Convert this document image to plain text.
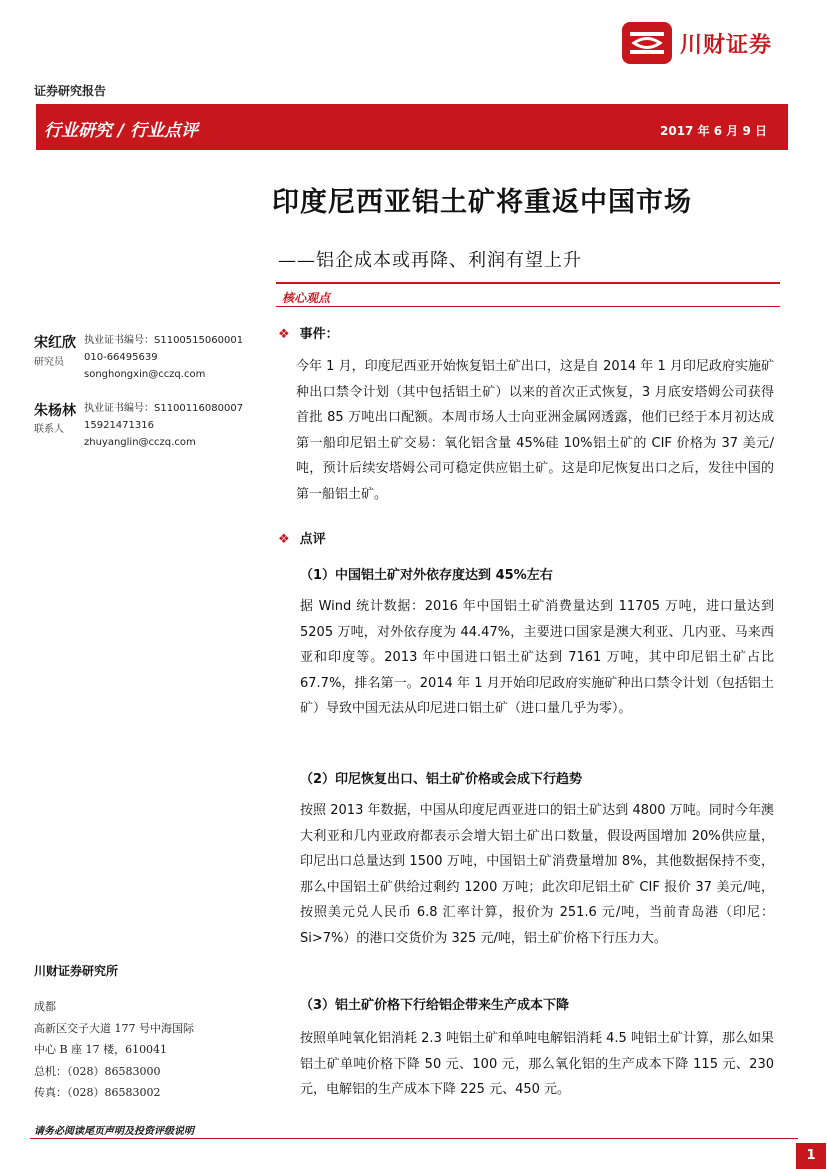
川财证券
证券研究报告
行业研究 / 行业点评	2017 年 6 月 9 日
印度尼西亚铝土矿将重返中国市场
——铝企成本或再降、利润有望上升
核心观点
宋红欣
研究员
执业证书编号：S1100515060001
010-66495639
songhongxin@cczq.com
朱杨林
联系人
执业证书编号：S1100116080007
15921471316
zhuyanglin@cczq.com
川财证券研究所
成都
高新区交子大道 177 号中海国际
中心 B 座 17 楼，610041
总机：（028）86583000
传真：（028）86583002
❖ 事件：
今年 1 月，印度尼西亚开始恢复铝土矿出口，这是自 2014 年 1 月印尼政府实施矿种出口禁令计划（其中包括铝土矿）以来的首次正式恢复，3 月底安塔姆公司获得首批 85 万吨出口配额。本周市场人士向亚洲金属网透露，他们已经于本月初达成第一船印尼铝土矿交易：氧化铝含量 45%硅 10%铝土矿的 CIF 价格为 37 美元/吨，预计后续安塔姆公司可稳定供应铝土矿。这是印尼恢复出口之后，发往中国的第一船铝土矿。
❖ 点评
（1）中国铝土矿对外依存度达到 45%左右
据 Wind 统计数据：2016 年中国铝土矿消费量达到 11705 万吨，进口量达到 5205 万吨，对外依存度为 44.47%，主要进口国家是澳大利亚、几内亚、马来西亚和印度等。2013 年中国进口铝土矿达到 7161 万吨，其中印尼铝土矿占比 67.7%，排名第一。2014 年 1 月开始印尼政府实施矿种出口禁令计划（包括铝土矿）导致中国无法从印尼进口铝土矿（进口量几乎为零）。
（2）印尼恢复出口、铝土矿价格或会成下行趋势
按照 2013 年数据，中国从印度尼西亚进口的铝土矿达到 4800 万吨。同时今年澳大利亚和几内亚政府都表示会增大铝土矿出口数量，假设两国增加 20%供应量，印尼出口总量达到 1500 万吨，中国铝土矿消费量增加 8%，其他数据保持不变，那么中国铝土矿供给过剩约 1200 万吨；此次印尼铝土矿 CIF 报价 37 美元/吨，按照美元兑人民币 6.8 汇率计算，报价为 251.6 元/吨，当前青岛港（印尼：Si>7%）的港口交货价为 325 元/吨，铝土矿价格下行压力大。
（3）铝土矿价格下行给铝企带来生产成本下降
按照单吨氧化铝消耗 2.3 吨铝土矿和单吨电解铝消耗 4.5 吨铝土矿计算，那么如果铝土矿单吨价格下降 50 元、100 元，那么氧化铝的生产成本下降 115 元、230 元，电解铝的生产成本下降 225 元、450 元。
请务必阅读尾页声明及投资评级说明
1
